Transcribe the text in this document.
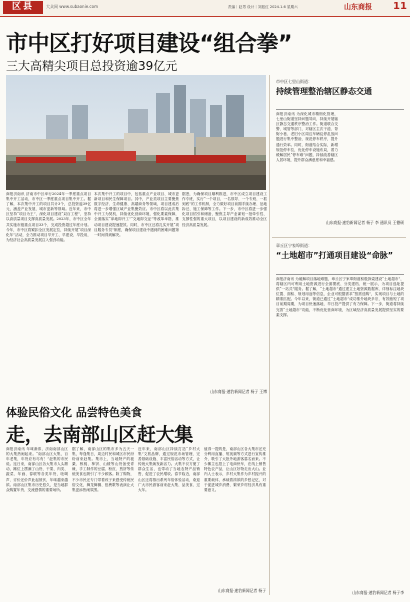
区县	大众网 www.subaonie.com	责编｜赵男 设计｜刘振红 2024.1.6 星期六	山东商报 11
市中区打好项目建设“组合拳”
三大高精尖项目总投资逾39亿元
商报济南讯 济南市中区举行2024年一季度重点项目集中开工活动，市中区一季度重点项目集中开工。据了解，本次集中开工的项目共计3个，总投资逾39亿元，涵盖产业发展、城市更新等领域。近年来，市中区坚持“项目为王”，深化项目建设“双百工程”，坚持以高质量项目支撑高质量发展。2023年，市中区全年共实施市级重点项目33个，完成投资超过年度计划。今年，市中区将紧扣全区发展定位，持续开展“项目深化年”活动，全力推动项目早开工、早建设、早投用，为经济社会高质量发展注入强劲动能。
本次集中开工的项目中，包括重点产业项目、城市更新项目和民生保障项目。其中，产业类项目主要聚焦数字经济、生命健康、高端商务等领域，项目建成后将进一步增强区域产业集聚效应。市中区将以此次集中开工为契机，持续优化营商环境，强化要素保障，全面落实“拿地即开工”“交地即交证”等改革举措，推动项目建设提速提效。同时，市中区还将扎实开展“项目服务专员”制度，确保项目建设中遇到的困难问题第一时间得到解决。
据悉，为确保项目顺利推进，市中区成立项目建设工作专班，实行“一个项目、一名领导、一个专班、一抓到底”的工作机制，全力做好项目前期手续办理、征地拆迁、施工保障等工作。下一步，市中区将进一步强化项目招引和储备，聚焦主导产业谋划一批牵引性、支撑性强的重大项目，以项目建设的新成效推动全区经济高质量发展。
山东商报·速豹新闻记者 杨子 王博
市中区七里山街道：
持续管理整治辖区静态交通
商报济南讯 为深化城市精细化管理，七里山街道坚持问题导向，持续开展辖区静态交通秩序整治工作。街道联合交警、城管等部门，对辖区主次干道、背街小巷、老旧小区周边车辆乱停乱放问题进行集中整治，规范停车秩序，提升通行效率。同时，街道结合实际，新增规范停车位，优化停车设施布局，着力缓解居民“停车难”问题，持续改善辖区人居环境，提升群众满意度和幸福感。
山东商报·速豹新闻记者 杨子 李 通讯员 王德硕
章丘区宁家埠街道：
“土地超市”打通项目建设“命脉”
商报济南讯 为破解项目落地难题，章丘区宁家埠街道积极探索建设“土地超市”，将辖区内可利用土地资源进行全面摸底、分类建档、统一展示，为项目选址提供“一站式”服务。据了解，“土地超市”通过建立土地资源数据库，详细标注地块位置、面积、规划用途等信息，企业可根据需求“按需选购”，实现项目与土地的精准匹配。今年以来，街道已通过“土地超市”成功推介地块多宗，有效缩短了项目前期周期，为项目快速落地、早日投产提供了有力保障。下一步，街道将持续完善“土地超市”功能，不断优化营商环境，为区域经济高质量发展提供坚实的要素支撑。
山东商报·速豹新闻记者 杨子李
体验民俗文化 品尝特色美食
走，去南部山区赶大集
商报济南讯 年味渐浓，济南南部山区的大集热闹起来。“南部山区大集，百年老集，年货应有尽有！”赶集的市民说。连日来，南部山区各大集市人头攒动，摊位上摆满了山货、干果、肉类、蔬菜、年画、春联等各类年货，吆喝声、讨价还价声此起彼伏，年味越来越浓。南部山区集市历史悠久，是当地群众购置年货、交流感情的重要场所。
据了解，南部山区的集市多为五天一集，每逢集日，周边村民和城区市民纷纷前来赶集。集市上，当地特产的板栗、核桃、柿饼、山楂等山货备受青睐，手工制作的豆腐、粉皮、煎饼等传统美食也吸引了不少顾客。除了购物，不少市民还专门带着孩子来感受传统民俗文化，舞龙舞狮、扭秧歌等表演让大集更添热闹氛围。
近年来，南部山区持续打造“乡村大集”文旅品牌，通过规范市场管理、完善基础设施、丰富民俗活动等方式，让传统大集焕发新活力。大集不仅方便了群众生活，也带动了当地农特产品销售，促进了农民增收。春节临近，南部山区还将推出系列年俗体验活动，欢迎广大市民游客前来赶大集、品美食、过大年。
值得一提的是，南部山区各大集市还充分利用直播、短视频等方式进行宣传推介，吸引了大批外地游客慕名而来。不少摊主也搭上了电商快车，在线上销售特色农产品，让山区好物走出大山。业内人士表示，乡村大集作为乡村振兴的重要载体，承载着浓浓的乡愁记忆，对于促进城乡消费、繁荣乡村经济具有重要意义。
山东商报·速豹新闻记者 杨子
